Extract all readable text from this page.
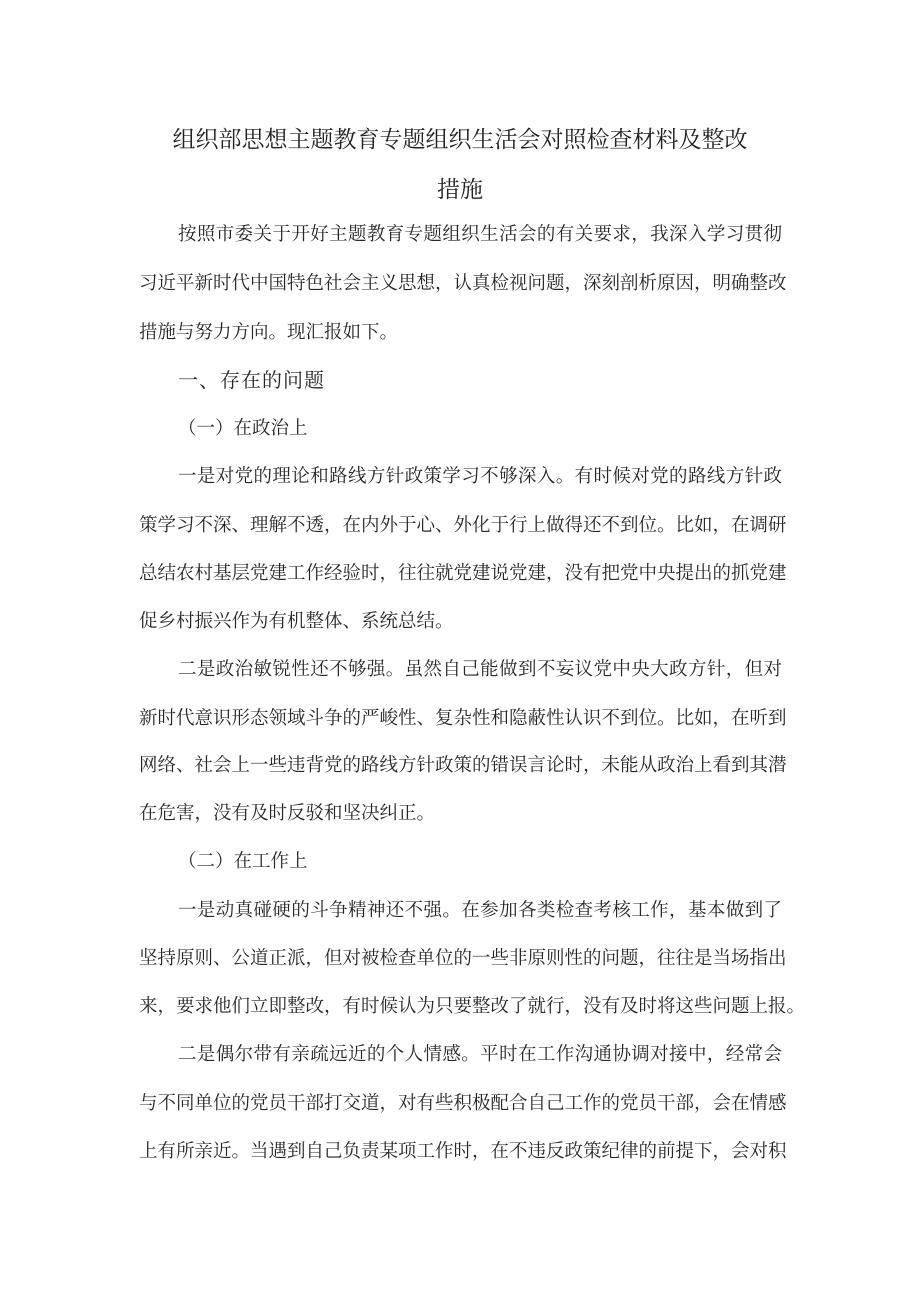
组织部思想主题教育专题组织生活会对照检查材料及整改
措施
按照市委关于开好主题教育专题组织生活会的有关要求，我深入学习贯彻
习近平新时代中国特色社会主义思想，认真检视问题，深刻剖析原因，明确整改
措施与努力方向。现汇报如下。
一、存在的问题
（一）在政治上
一是对党的理论和路线方针政策学习不够深入。有时候对党的路线方针政
策学习不深、理解不透，在内外于心、外化于行上做得还不到位。比如，在调研
总结农村基层党建工作经验时，往往就党建说党建，没有把党中央提出的抓党建
促乡村振兴作为有机整体、系统总结。
二是政治敏锐性还不够强。虽然自己能做到不妄议党中央大政方针，但对
新时代意识形态领域斗争的严峻性、复杂性和隐蔽性认识不到位。比如，在听到
网络、社会上一些违背党的路线方针政策的错误言论时，未能从政治上看到其潜
在危害，没有及时反驳和坚决纠正。
（二）在工作上
一是动真碰硬的斗争精神还不强。在参加各类检查考核工作，基本做到了
坚持原则、公道正派，但对被检查单位的一些非原则性的问题，往往是当场指出
来，要求他们立即整改，有时候认为只要整改了就行，没有及时将这些问题上报。
二是偶尔带有亲疏远近的个人情感。平时在工作沟通协调对接中，经常会
与不同单位的党员干部打交道，对有些积极配合自己工作的党员干部，会在情感
上有所亲近。当遇到自己负责某项工作时，在不违反政策纪律的前提下，会对积
